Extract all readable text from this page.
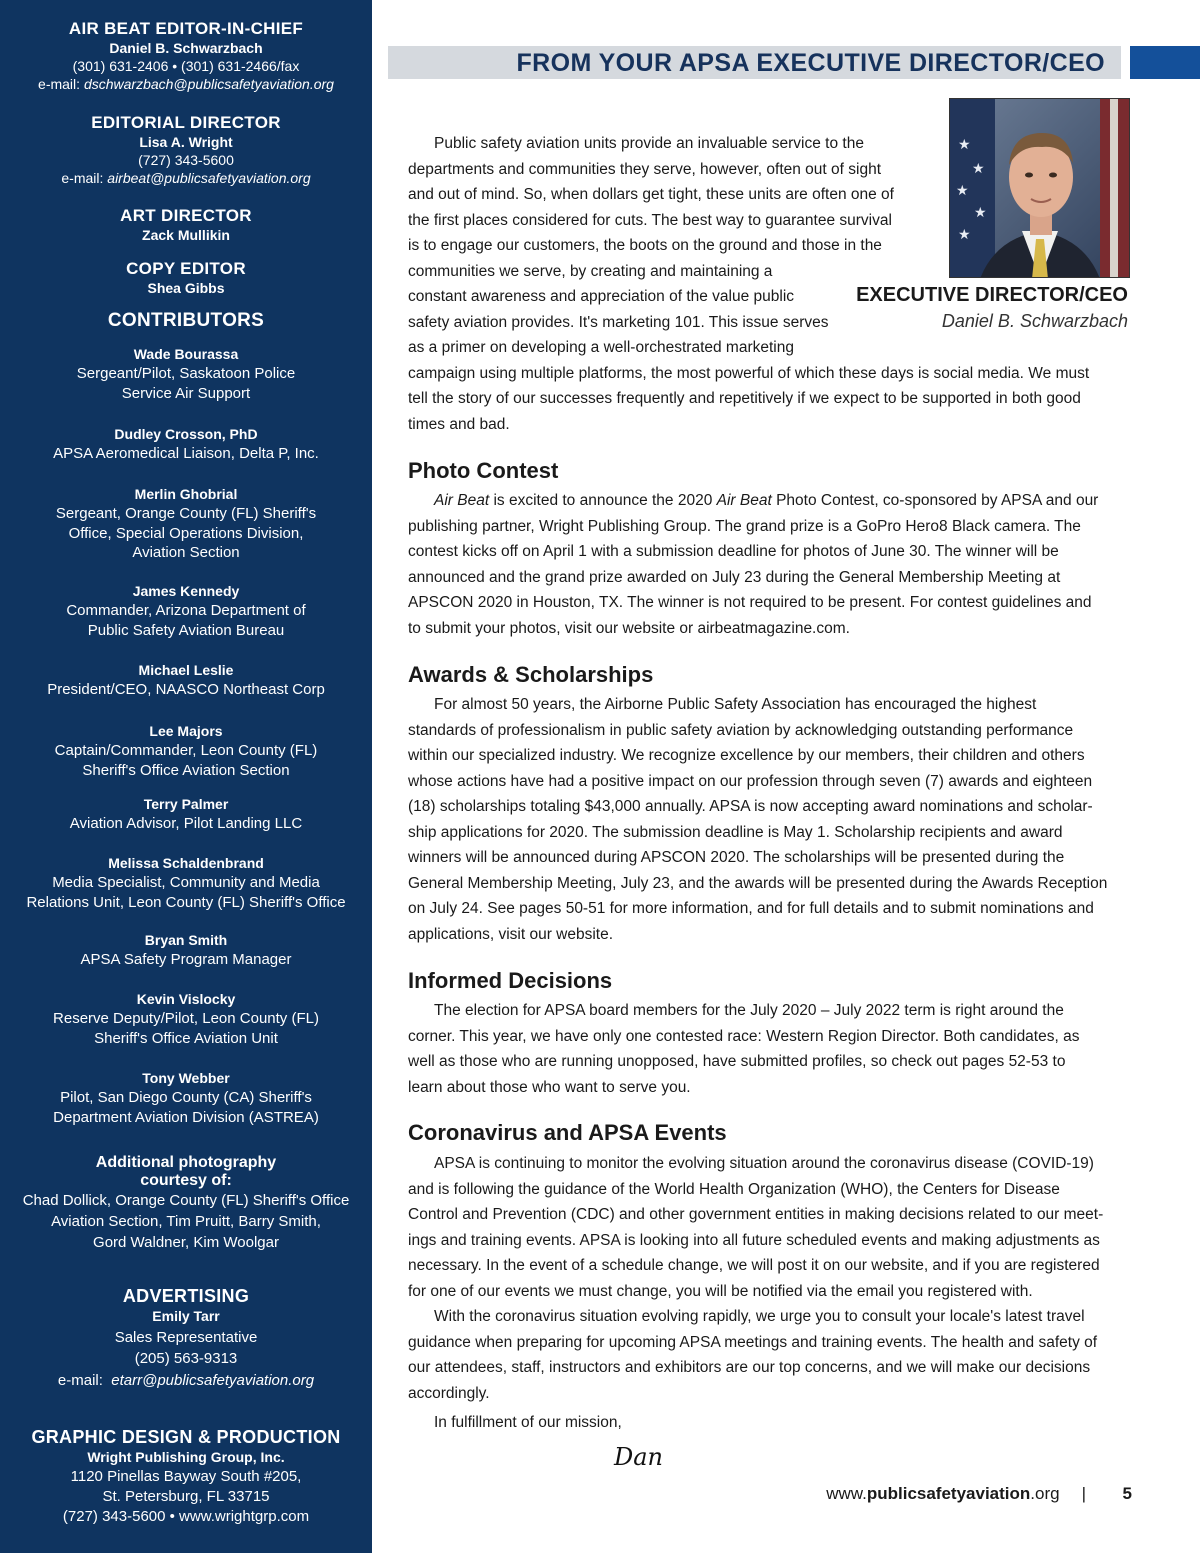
AIR BEAT EDITOR-IN-CHIEF
Daniel B. Schwarzbach
(301) 631-2406 • (301) 631-2466/fax
e-mail: dschwarzbach@publicsafetyaviation.org
EDITORIAL DIRECTOR
Lisa A. Wright
(727) 343-5600
e-mail: airbeat@publicsafetyaviation.org
ART DIRECTOR
Zack Mullikin
COPY EDITOR
Shea Gibbs
CONTRIBUTORS
Wade Bourassa
Sergeant/Pilot, Saskatoon Police
Service Air Support
Dudley Crosson, PhD
APSA Aeromedical Liaison, Delta P, Inc.
Merlin Ghobrial
Sergeant, Orange County (FL) Sheriff's
Office, Special Operations Division,
Aviation Section
James Kennedy
Commander, Arizona Department of
Public Safety Aviation Bureau
Michael Leslie
President/CEO, NAASCO Northeast Corp
Lee Majors
Captain/Commander, Leon County (FL)
Sheriff's Office Aviation Section
Terry Palmer
Aviation Advisor, Pilot Landing LLC
Melissa Schaldenbrand
Media Specialist, Community and Media
Relations Unit, Leon County (FL) Sheriff's Office
Bryan Smith
APSA Safety Program Manager
Kevin Vislocky
Reserve Deputy/Pilot, Leon County (FL)
Sheriff's Office Aviation Unit
Tony Webber
Pilot, San Diego County (CA) Sheriff's
Department Aviation Division (ASTREA)
Additional photography
courtesy of:
Chad Dollick, Orange County (FL) Sheriff's Office
Aviation Section, Tim Pruitt, Barry Smith,
Gord Waldner, Kim Woolgar
ADVERTISING
Emily Tarr
Sales Representative
(205) 563-9313
e-mail: etarr@publicsafetyaviation.org
GRAPHIC DESIGN & PRODUCTION
Wright Publishing Group, Inc.
1120 Pinellas Bayway South #205,
St. Petersburg, FL 33715
(727) 343-5600 • www.wrightgrp.com
FROM YOUR APSA EXECUTIVE DIRECTOR/CEO
★
★
★
★
★
EXECUTIVE DIRECTOR/CEO
Daniel B. Schwarzbach
Public safety aviation units provide an invaluable service to the
departments and communities they serve, however, often out of sight
and out of mind. So, when dollars get tight, these units are often one of
the first places considered for cuts. The best way to guarantee survival
is to engage our customers, the boots on the ground and those in the
communities we serve, by creating and maintaining a
constant awareness and appreciation of the value public
safety aviation provides. It's marketing 101. This issue serves
as a primer on developing a well-orchestrated marketing
campaign using multiple platforms, the most powerful of which these days is social media. We must
tell the story of our successes frequently and repetitively if we expect to be supported in both good
times and bad.
Photo Contest
Air Beat is excited to announce the 2020 Air Beat Photo Contest, co-sponsored by APSA and our
publishing partner, Wright Publishing Group. The grand prize is a GoPro Hero8 Black camera. The
contest kicks off on April 1 with a submission deadline for photos of June 30. The winner will be
announced and the grand prize awarded on July 23 during the General Membership Meeting at
APSCON 2020 in Houston, TX. The winner is not required to be present. For contest guidelines and
to submit your photos, visit our website or airbeatmagazine.com.
Awards & Scholarships
For almost 50 years, the Airborne Public Safety Association has encouraged the highest
standards of professionalism in public safety aviation by acknowledging outstanding performance
within our specialized industry. We recognize excellence by our members, their children and others
whose actions have had a positive impact on our profession through seven (7) awards and eighteen
(18) scholarships totaling $43,000 annually. APSA is now accepting award nominations and scholar-
ship applications for 2020. The submission deadline is May 1. Scholarship recipients and award
winners will be announced during APSCON 2020. The scholarships will be presented during the
General Membership Meeting, July 23, and the awards will be presented during the Awards Reception
on July 24. See pages 50-51 for more information, and for full details and to submit nominations and
applications, visit our website.
Informed Decisions
The election for APSA board members for the July 2020 – July 2022 term is right around the
corner. This year, we have only one contested race: Western Region Director. Both candidates, as
well as those who are running unopposed, have submitted profiles, so check out pages 52-53 to
learn about those who want to serve you.
Coronavirus and APSA Events
APSA is continuing to monitor the evolving situation around the coronavirus disease (COVID-19)
and is following the guidance of the World Health Organization (WHO), the Centers for Disease
Control and Prevention (CDC) and other government entities in making decisions related to our meet-
ings and training events. APSA is looking into all future scheduled events and making adjustments as
necessary. In the event of a schedule change, we will post it on our website, and if you are registered
for one of our events we must change, you will be notified via the email you registered with.
With the coronavirus situation evolving rapidly, we urge you to consult your locale's latest travel
guidance when preparing for upcoming APSA meetings and training events. The health and safety of
our attendees, staff, instructors and exhibitors are our top concerns, and we will make our decisions
accordingly.
In fulfillment of our mission,
Dan
www.publicsafetyaviation.org |	5
